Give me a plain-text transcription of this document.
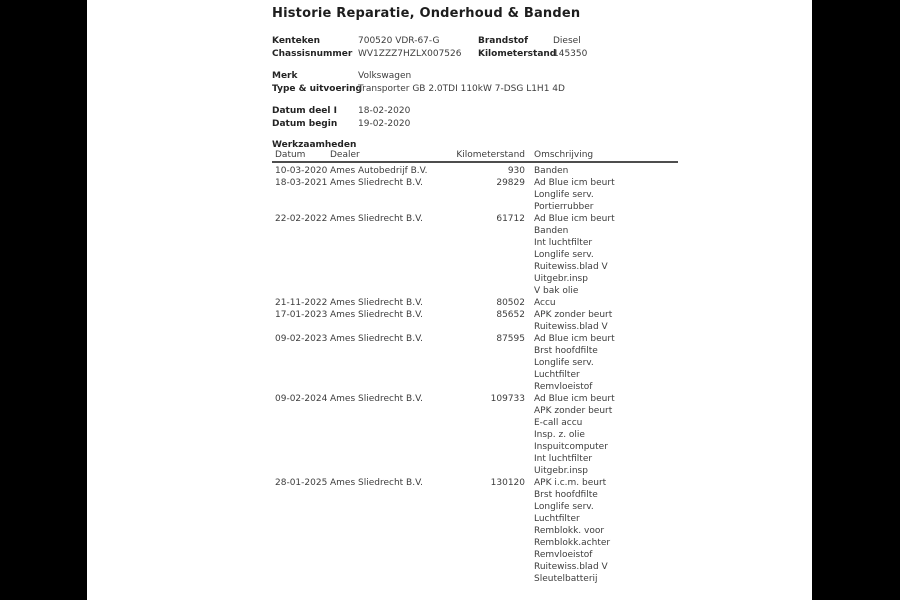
Historie Reparatie, Onderhoud & Banden
Kenteken	700520 VDR-67-G	Brandstof	Diesel
Chassisnummer WV1ZZZ7HZLX007526 Kilometerstand
145350
Merk	Volkswagen
Type & uitvoering
Transporter GB 2.0TDI 110kW 7-DSG L1H1 4D
Datum deel I 18-02-2020
Datum begin 19-02-2020
Werkzaamheden
Datum	Dealer	Kilometerstand Omschrijving
10-03-2020 Ames Autobedrijf B.V.	930 Banden
18-03-2021 Ames Sliedrecht B.V.	29829 Ad Blue icm beurt
Longlife serv.
Portierrubber
22-02-2022 Ames Sliedrecht B.V.	61712 Ad Blue icm beurt
Banden
Int luchtfilter
Longlife serv.
Ruitewiss.blad V
Uitgebr.insp
V bak olie
21-11-2022 Ames Sliedrecht B.V.	80502 Accu
17-01-2023 Ames Sliedrecht B.V.	85652 APK zonder beurt
Ruitewiss.blad V
09-02-2023 Ames Sliedrecht B.V.	87595 Ad Blue icm beurt
Brst hoofdfilte
Longlife serv.
Luchtfilter
Remvloeistof
09-02-2024 Ames Sliedrecht B.V.	109733 Ad Blue icm beurt
APK zonder beurt
E-call accu
Insp. z. olie
Inspuitcomputer
Int luchtfilter
Uitgebr.insp
28-01-2025 Ames Sliedrecht B.V.	130120 APK i.c.m. beurt
Brst hoofdfilte
Longlife serv.
Luchtfilter
Remblokk. voor
Remblokk.achter
Remvloeistof
Ruitewiss.blad V
Sleutelbatterij
